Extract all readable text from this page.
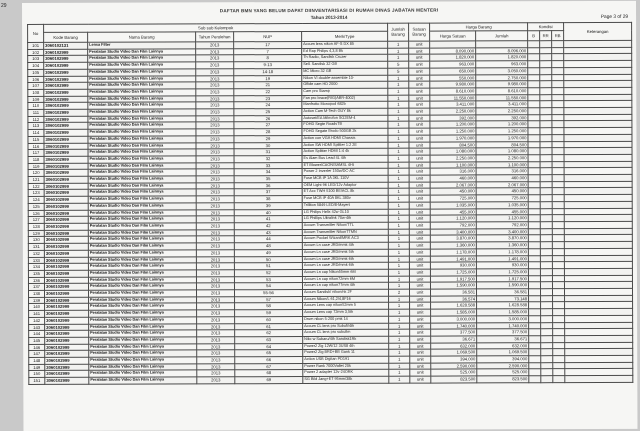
29
DAFTAR BMN YANG BELUM DAPAT DIINVENTARISASI DI RUMAH DINAS JABATAN MENTERI
Tahun 2013-2014	Page 3 of 29
No	Sub sub Kelompok					Jumlah Barang	Satuan Barang	Harga Barang		Kondisi			Keterangan
	Kode Barang	Nama Barang	Tahun Perolehan	NUP	Merk/Type			Harga Satuan	Jumlah	B	RR	RB	

101	3060102131	Lensa Filter	2013	17	Accum lens nikon AF-S DX 85	1	unit						
102	3060102999	Peralatan Studio Video Dan Film Lainnya	2013	7	Ed Rap Philips 4,3,8 Bk	1	unit	8.090.000	8.096.000				
103	3060102999	Peralatan Studio Video Dan Film Lainnya	2013	8	Th Radio, Sandisk Cruzer	1	unit	1.820.000	1.820.000				
104	3060102999	Peralatan Studio Video Dan Film Lainnya	2013	9-13	Sell. Sandisk 32 GB	5	unit	963.000	963.000				
105	3060102999	Peralatan Studio Video Dan Film Lainnya	2013	14-18	MC Micro 32 GB	5	unit	650.000	3.050.000				
106	3060102999	Peralatan Studio Video Dan Film Lainnya	2013	19	Nikon VI double-assemble 10-	1	unit	550.000	2.750.000				
107	3060102999	Peralatan Studio Video Dan Film Lainnya	2013	21	Gflide cam HD 2000	1	unit	9.980.000	9.980.000				
108	3060102999	Peralatan Studio Video Dan Film Lainnya	2013	22	Cam pro Stamp	1	unit	8.610.000	8.610.000				
109	3060102999	Peralatan Studio Video Dan Film Lainnya	2013	23	Fan pro brace(RIG)ABR-4002)	1	unit	11.550.000	11.550.000				
110	3060102999	Peralatan Studio Video Dan Film Lainnya	2013	24	Manfrotto Monopod 682b	1	unit	3.411.000	3.411.000				
111	3060102999	Peralatan Studio Video Dan Film Lainnya	2013	25	Action Cam M-Tech GUY 8k	1	unit	2.250.000	2.250.000				
112	3060102999	Peralatan Studio Video Dan Film Lainnya	2013	26	Autoset/EA Mikrofon SG2EM-4	1	unit	392.000	392.000				
113	3060102999	Peralatan Studio Video Dan Film Lainnya	2013	27	FOHD Segte RoadsTB	1	unit	1.200.000	1.200.000				
114	3060102999	Peralatan Studio Video Dan Film Lainnya	2013	28	FOHD Segate Brodo 500GB 2k	1	unit	1.250.000	1.250.000				
115	3060102999	Peralatan Studio Video Dan Film Lainnya	2013	29	Action con VGA HDMI Chassis	1	unit	1.970.000	1.970.000				
116	3060102999	Peralatan Studio Video Dan Film Lainnya	2013	30	Action SW HDMI Splitter 1:2 2E	1	unit	804.500	804.500				
117	3060102999	Peralatan Studio Video Dan Film Lainnya	2013	31	Action Splitter HDMI 1:4 4k	1	unit	1.080.000	1.080.000				
118	3060102999	Peralatan Studio Video Dan Film Lainnya	2013	32	Es Alam Bus Lead 4L 4th	1	unit	2.250.000	2.250.000				
119	3060102999	Peralatan Studio Video Dan Film Lainnya	2013	33	ET Blower/CAON/SAMSL 4Ht	1	unit	1.100.000	1.100.000				
120	3060102999	Peralatan Studio Video Dan Film Lainnya	2013	34	Power 2 Inverter 150w/DC-AC	1	unit	316.000	316.000				
121	3060102999	Peralatan Studio Video Dan Film Lainnya	2013	35	Fuse MCB IP 1A 3KL 110V	1	unit	460.000	460.000				
122	3060102999	Peralatan Studio Video Dan Film Lainnya	2013	36	OEM Light 96 LED/12v Adaptor	1	unit	2.067.000	2.067.000				
123	3060102999	Peralatan Studio Video Dan Film Lainnya	2013	37	ET Acc TWH 5100 BE/ACL 8k	1	unit	450.000	450.000				
124	3060102999	Peralatan Studio Video Dan Film Lainnya	2013	38	Fuse MCB IP 40A 8KL 380v	1	unit	725.000	725.000				
125	3060102999	Peralatan Studio Video Dan Film Lainnya	2013	39	Trilliton 5849 LED/8-Mayert	1	unit	1.035.000	1.035.000				
126	3060102999	Peralatan Studio Video Dan Film Lainnya	2013	40	LG Philips Helix 42w GL10	1	unit	455.000	455.000				
127	3060102999	Peralatan Studio Video Dan Film Lainnya	2013	41	LG Phillips Ultralink 70w-4th	1	unit	1.120.000	1.120.000				
128	3060102999	Peralatan Studio Video Dan Film Lainnya	2013	42	Accum Transmitter Nikon/TTL	1	unit	792.000	792.000				
129	3060102999	Peralatan Studio Video Dan Film Lainnya	2013	43	Accum Transmitter NikonTTMN	1	unit	3.400.000	3.400.000				
130	3060102999	Peralatan Studio Video Dan Film Lainnya	2013	44	Accum Pocket Wizard/MRK AC3	1	unit	3.870.000	3.870.000				
131	3060102999	Peralatan Studio Video Dan Film Lainnya	2013	48	Accum Ln case JRD/mmk 4th	1	unit	1.360.000	1.360.000				
132	3060102999	Peralatan Studio Video Dan Film Lainnya	2013	49	Accum Ln case JRD/mmk 5th	1	unit	1.178.000	1.178.000				
133	3060102999	Peralatan Studio Video Dan Film Lainnya	2013	50	Accum Ln case JRD/mmk 6th	1	unit	1.491.000	1.491.000				
134	3060102999	Peralatan Studio Video Dan Film Lainnya	2013	51	Accum Ln case JRD/mmk 6th	1	unit	930.000	930.000				
135	3060102999	Peralatan Studio Video Dan Film Lainnya	2013	52	Accum Ln cap Nikon55mm 6M	1	unit	1.725.000	1.725.000				
136	3060102999	Peralatan Studio Video Dan Film Lainnya	2013	53	Accum Ln cap nikon72mm 6M	1	unit	1.917.500	1.917.500				
137	3060102999	Peralatan Studio Video Dan Film Lainnya	2013	54	Accum Ln cap nikon77mm 4th	1	unit	1.590.000	1.590.000				
138	3060102999	Peralatan Studio Video Dan Film Lainnya	2013	55-56	Accum Sandisk/ nikon/nk 2F	2	unit	36.581	36.581				
139	3060102999	Peralatan Studio Video Dan Film Lainnya	2013	57	Accum Nikon/L 61,2/4,8F16	1	unit	36.574	73.148				
140	3060102999	Peralatan Studio Video Dan Film Lainnya	2013	58	Accum Lens cap nikon52mm 5	1	unit	1.628.588	1.628.588				
141	3060102999	Peralatan Studio Video Dan Film Lainnya	2013	59	Accum Lens cap 72mm 3,5th	1	unit	1.585.000	1.585.000				
142	3060102999	Peralatan Studio Video Dan Film Lainnya	2013	60	Drum nikon 5-200 pmk 14	1	unit	3.000.000	3.000.000				
143	3060102999	Peralatan Studio Video Dan Film Lainnya	2013	61	Accum CL lens pro Subufi/4th	1	unit	1.740.000	1.740.000				
144	3060102999	Peralatan Studio Video Dan Film Lainnya	2013	62	Accum CL lens pro subufim	1	unit	377.500	377.500				
145	3060102999	Peralatan Studio Video Dan Film Lainnya	2013	63	Nikc w Subaru/4th Sandisk1Rk	1	unit	36.671	36.671				
146	3060102999	Peralatan Studio Video Dan Film Lainnya	2013	64	Power2 Zig 12W/12 3US8 4th	1	unit	632.000	632.000				
147	3060102999	Peralatan Studio Video Dan Film Lainnya	2013	65	Power2 Zig BRD+BB Gank 11	1	unit	1.069.500	1.069.500				
148	3060102999	Peralatan Studio Video Dan Film Lainnya	2013	66	Action USB Digitan PD191	1	unit	394.000	394.000				
149	3060102999	Peralatan Studio Video Dan Film Lainnya	2013	67	Power Rank 7000Vallet 20k	1	unit	2.590.000	2.590.000				
150	3060102999	Peralatan Studio Video Dan Film Lainnya	2013	68	Power 2 adapter 12v-24ORK	1	unit	525.000	525.000				
151	3060102999	Peralatan Studio Video Dan Film Lainnya	2013	69	SG Bild Jang+ET 95mm/38k	1	unit	823.500	823.500				
